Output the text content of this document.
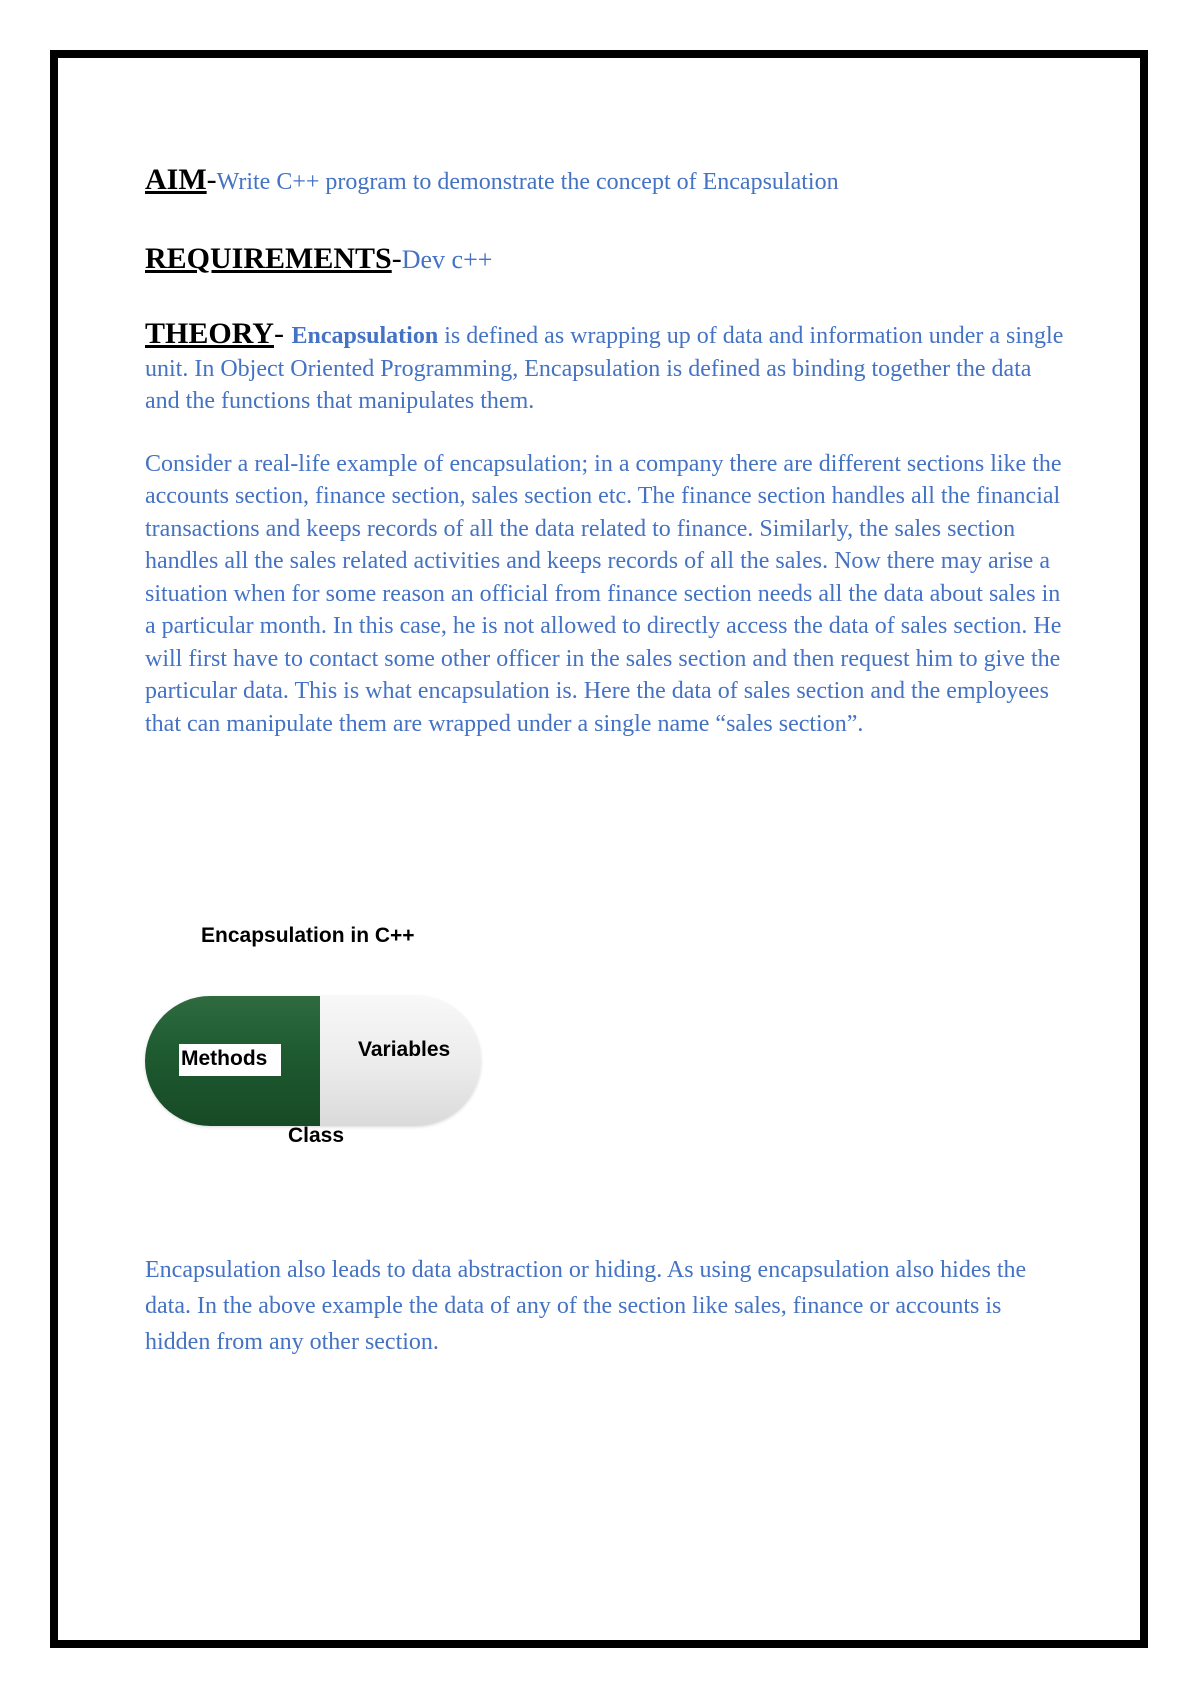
AIM-Write C++ program to demonstrate the concept of Encapsulation

REQUIREMENTS-Dev c++

THEORY- Encapsulation is defined as wrapping up of data and information under a single unit. In Object Oriented Programming, Encapsulation is defined as binding together the data and the functions that manipulates them.

Consider a real-life example of encapsulation; in a company there are different sections like the accounts section, finance section, sales section etc. The finance section handles all the financial transactions and keeps records of all the data related to finance. Similarly, the sales section handles all the sales related activities and keeps records of all the sales. Now there may arise a situation when for some reason an official from finance section needs all the data about sales in a particular month. In this case, he is not allowed to directly access the data of sales section. He will first have to contact some other officer in the sales section and then request him to give the particular data. This is what encapsulation is. Here the data of sales section and the employees that can manipulate them are wrapped under a single name “sales section”.

Encapsulation in C++
Methods	Variables
Class

Encapsulation also leads to data abstraction or hiding. As using encapsulation also hides the data. In the above example the data of any of the section like sales, finance or accounts is hidden from any other section.
